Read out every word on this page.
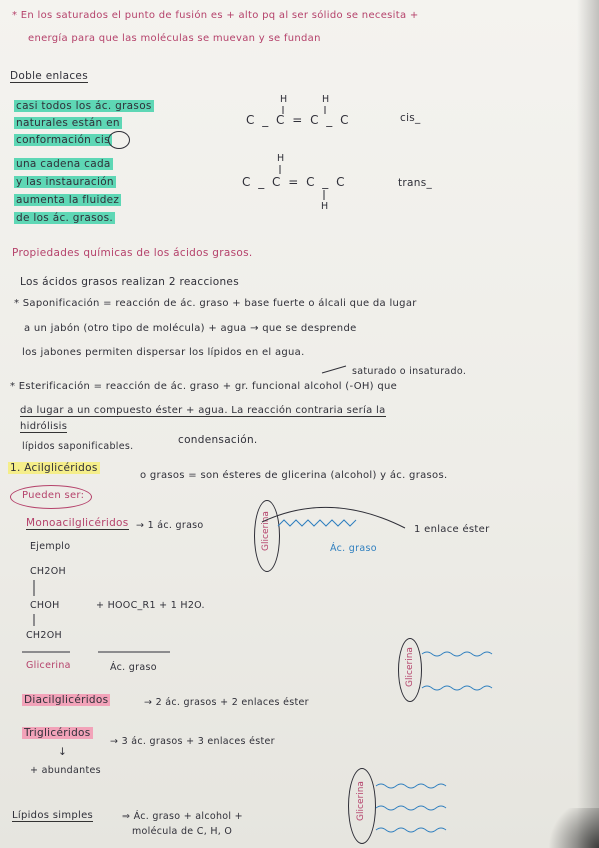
* En los saturados el punto de fusión es + alto pq al ser sólido se necesita +
energía para que las moléculas se muevan y se fundan
Doble enlaces
casi todos los ác. grasos
naturales están en
conformación cis
una cadena cada
y las instauración
aumenta la fluidez
de los ác. grasos.
H	H
C _ C = C _ C	cis_
H
C _ C = C _ C
H
trans_
Propiedades químicas de los ácidos grasos.
Los ácidos grasos realizan 2 reacciones
* Saponificación = reacción de ác. graso + base fuerte o álcali que da lugar
a un jabón (otro tipo de molécula) + agua → que se desprende
los jabones permiten dispersar los lípidos en el agua.
saturado o insaturado.
* Esterificación = reacción de ác. graso + gr. funcional alcohol (-OH) que
da lugar a un compuesto éster + agua. La reacción contraria sería la
hidrólisis
lípidos saponificables.
condensación.
1. Acilglicéridos
o grasos = son ésteres de glicerina (alcohol) y ác. grasos.
Pueden ser:
Monoacilglicéridos → 1 ác. graso	Glicerina	1 enlace éster
Ác. graso
Ejemplo
CH2OH
CHOH	+ HOOC_R1 + 1 H2O.
CH2OH
Glicerina	Ác. graso	Glicerina
Diacilglicéridos	→ 2 ác. grasos + 2 enlaces éster
Triglicéridos
→ 3 ác. grasos + 3 enlaces éster
↓
+ abundantes
Glicerina
Lípidos simples	⇒ Ác. graso + alcohol +
molécula de C, H, O
